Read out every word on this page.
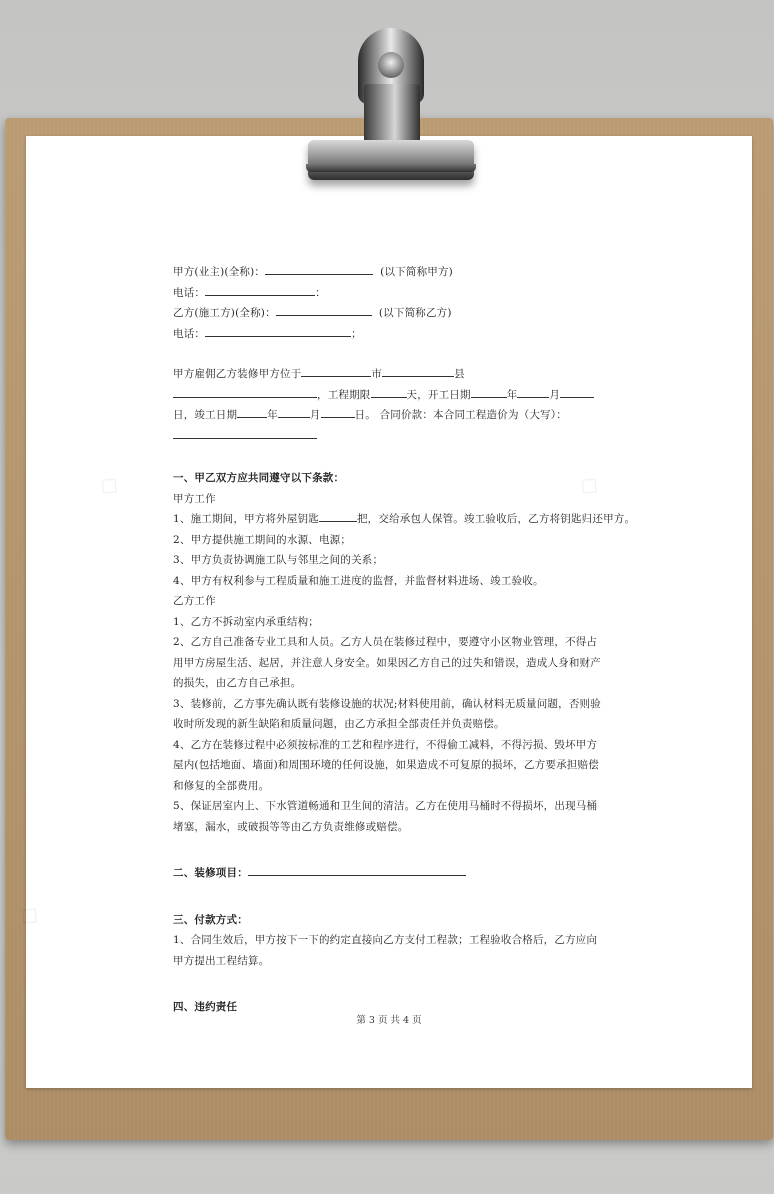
◇	◇
◇

甲方(业主)(全称)：	(以下简称甲方)

电话：	：

乙方(施工方)(全称)：	(以下简称乙方)

电话：	；

甲方雇佣乙方装修甲方位于	市	县

，工程期限	天，开工日期	年	月

日，竣工日期	年	月	日。 合同价款：本合同工程造价为（大写）：

一、甲乙双方应共同遵守以下条款：

甲方工作

1、施工期间，甲方将外屋钥匙	把，交给承包人保管。竣工验收后，乙方将钥匙归还甲方。

2、甲方提供施工期间的水源、电源；

3、甲方负责协调施工队与邻里之间的关系；

4、甲方有权利参与工程质量和施工进度的监督，并监督材料进场、竣工验收。

乙方工作

1、乙方不拆动室内承重结构；

2、乙方自己准备专业工具和人员。乙方人员在装修过程中，要遵守小区物业管理，不得占用甲方房屋生活、起居，并注意人身安全。如果因乙方自己的过失和错误，造成人身和财产的损失，由乙方自己承担。

3、装修前，乙方事先确认既有装修设施的状况;材料使用前，确认材料无质量问题，否则验收时所发现的新生缺陷和质量问题，由乙方承担全部责任并负责赔偿。

4、乙方在装修过程中必须按标准的工艺和程序进行，不得偷工减料，不得污损、毁坏甲方屋内(包括地面、墙面)和周围环境的任何设施，如果造成不可复原的损坏，乙方要承担赔偿和修复的全部费用。

5、保证居室内上、下水管道畅通和卫生间的清洁。乙方在使用马桶时不得损坏，出现马桶堵塞，漏水，或破损等等由乙方负责维修或赔偿。

二、装修项目：

三、付款方式：

1、合同生效后，甲方按下一下的约定直接向乙方支付工程款；工程验收合格后，乙方应向甲方提出工程结算。

四、违约责任

第 3 页 共 4 页
